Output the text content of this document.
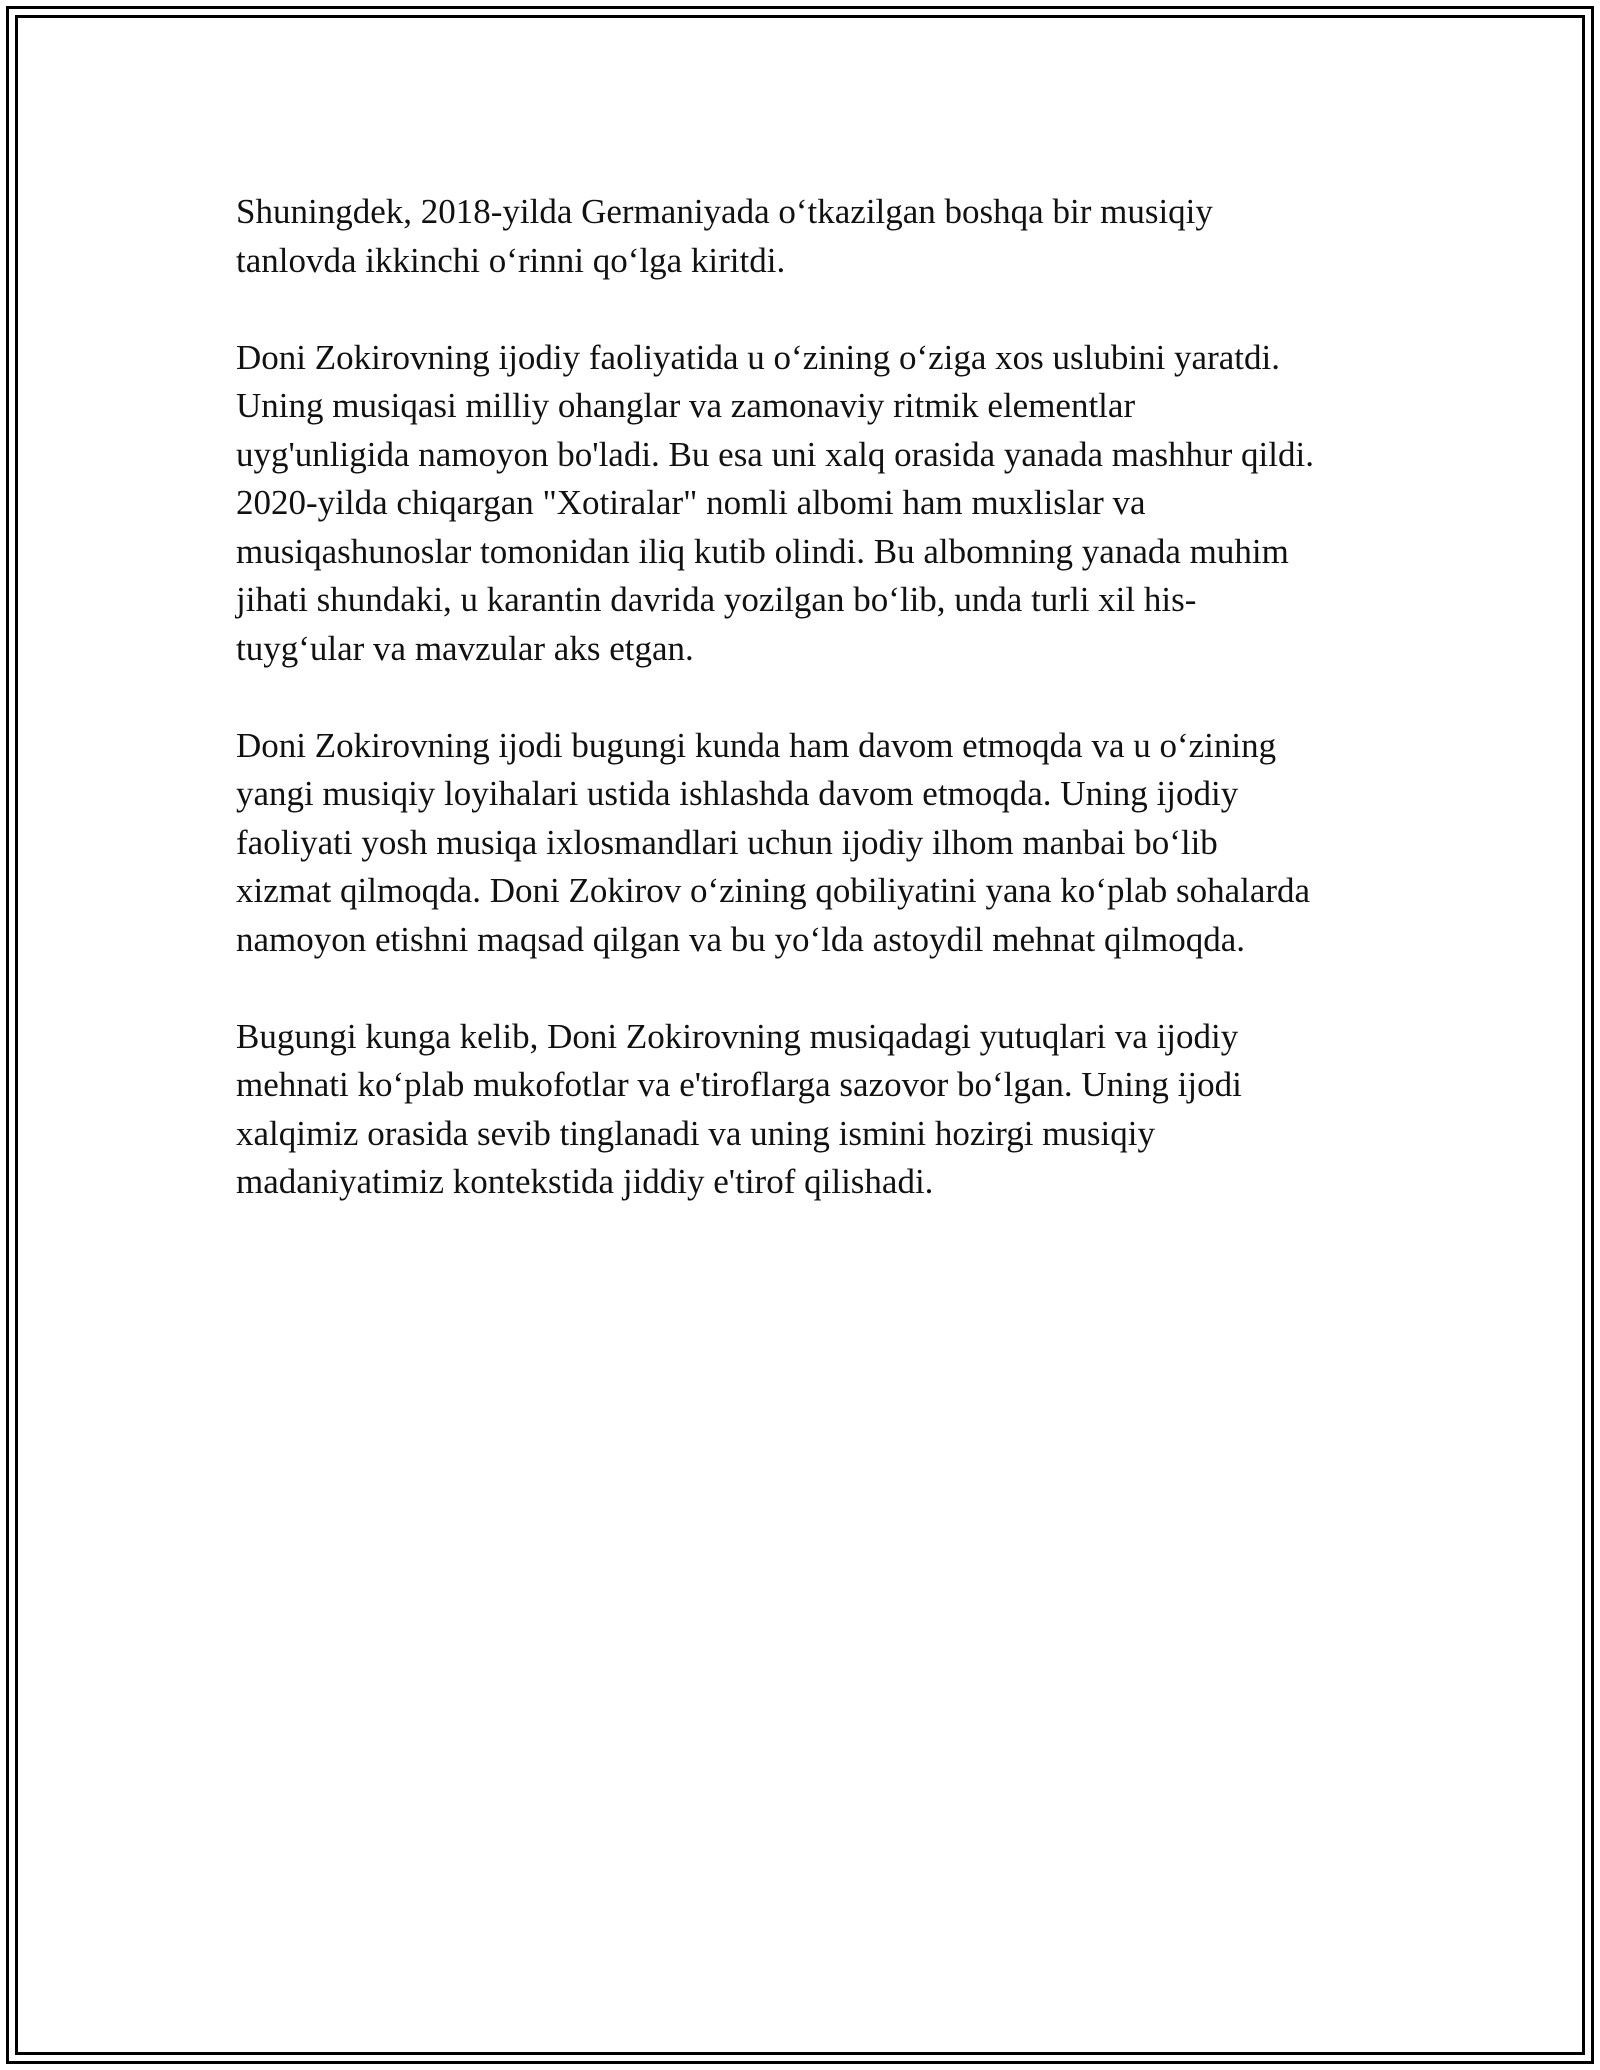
Shuningdek, 2018-yilda Germaniyada oʻtkazilgan boshqa bir musiqiy
tanlovda ikkinchi oʻrinni qoʻlga kiritdi.

Doni Zokirovning ijodiy faoliyatida u oʻzining oʻziga xos uslubini yaratdi.
Uning musiqasi milliy ohanglar va zamonaviy ritmik elementlar
uyg'unligida namoyon bo'ladi. Bu esa uni xalq orasida yanada mashhur qildi.
2020-yilda chiqargan "Xotiralar" nomli albomi ham muxlislar va
musiqashunoslar tomonidan iliq kutib olindi. Bu albomning yanada muhim
jihati shundaki, u karantin davrida yozilgan boʻlib, unda turli xil his-
tuygʻular va mavzular aks etgan.

Doni Zokirovning ijodi bugungi kunda ham davom etmoqda va u oʻzining
yangi musiqiy loyihalari ustida ishlashda davom etmoqda. Uning ijodiy
faoliyati yosh musiqa ixlosmandlari uchun ijodiy ilhom manbai boʻlib
xizmat qilmoqda. Doni Zokirov oʻzining qobiliyatini yana koʻplab sohalarda
namoyon etishni maqsad qilgan va bu yoʻlda astoydil mehnat qilmoqda.

Bugungi kunga kelib, Doni Zokirovning musiqadagi yutuqlari va ijodiy
mehnati koʻplab mukofotlar va e'tiroflarga sazovor boʻlgan. Uning ijodi
xalqimiz orasida sevib tinglanadi va uning ismini hozirgi musiqiy
madaniyatimiz kontekstida jiddiy e'tirof qilishadi.
